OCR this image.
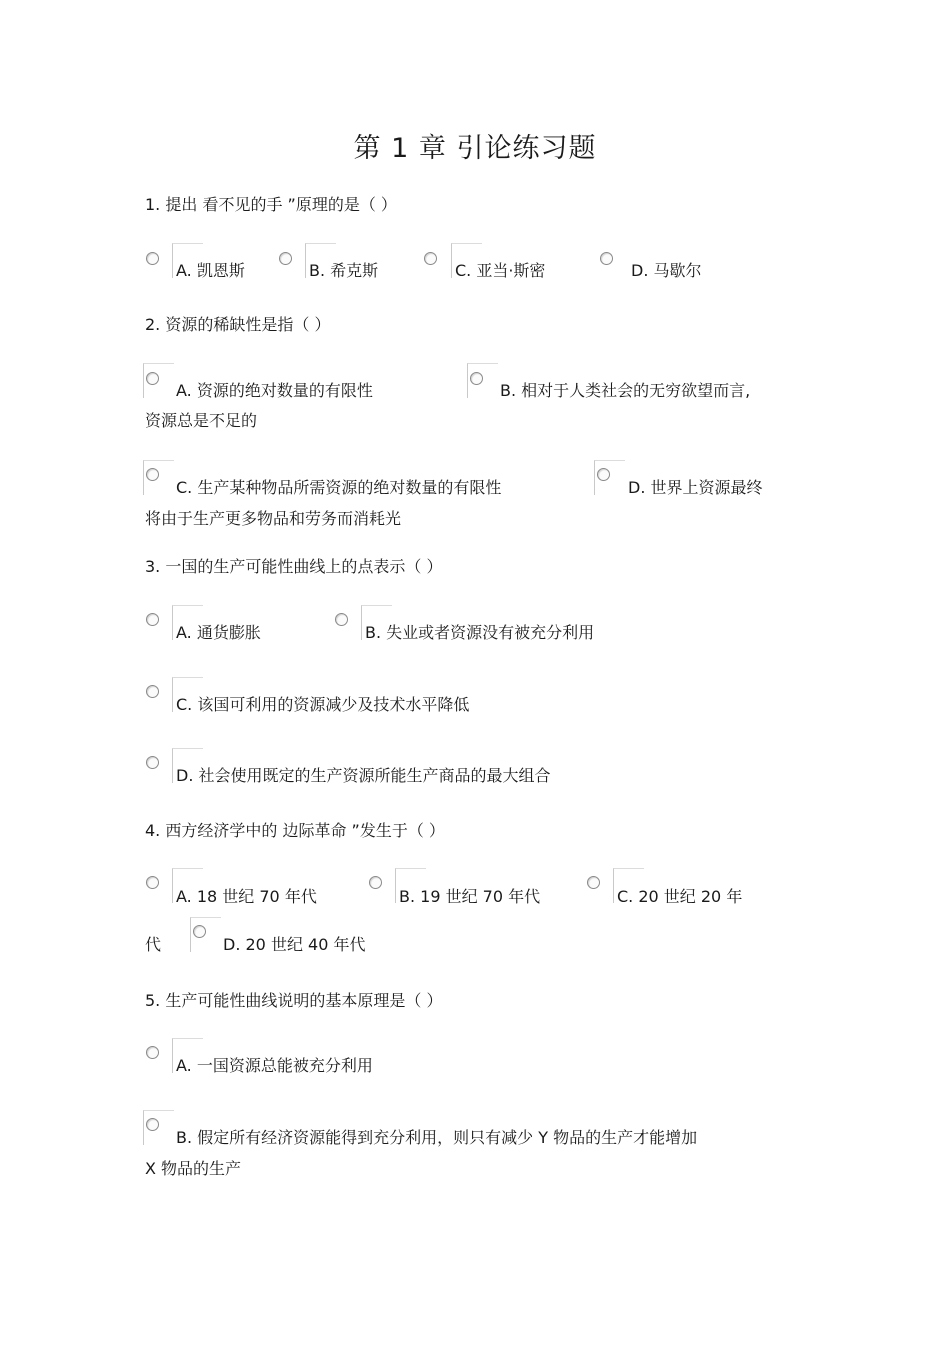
第 1 章 引论练习题
1. 提出 看不见的手 ”原理的是（ ）
A. 凯恩斯	B. 希克斯	C. 亚当·斯密	D. 马歇尔
2. 资源的稀缺性是指（ ）
A. 资源的绝对数量的有限性	B. 相对于人类社会的无穷欲望而言,
资源总是不足的
C. 生产某种物品所需资源的绝对数量的有限性	D. 世界上资源最终
将由于生产更多物品和劳务而消耗光
3. 一国的生产可能性曲线上的点表示（ ）
A. 通货膨胀	B. 失业或者资源没有被充分利用
C. 该国可利用的资源减少及技术水平降低
D. 社会使用既定的生产资源所能生产商品的最大组合
4. 西方经济学中的 边际革命 ”发生于（ ）
A. 18 世纪 70 年代	B. 19 世纪 70 年代	C. 20 世纪 20 年
代	D. 20 世纪 40 年代
5. 生产可能性曲线说明的基本原理是（ ）
A. 一国资源总能被充分利用
B. 假定所有经济资源能得到充分利用，则只有减少 Y 物品的生产才能增加
X 物品的生产
